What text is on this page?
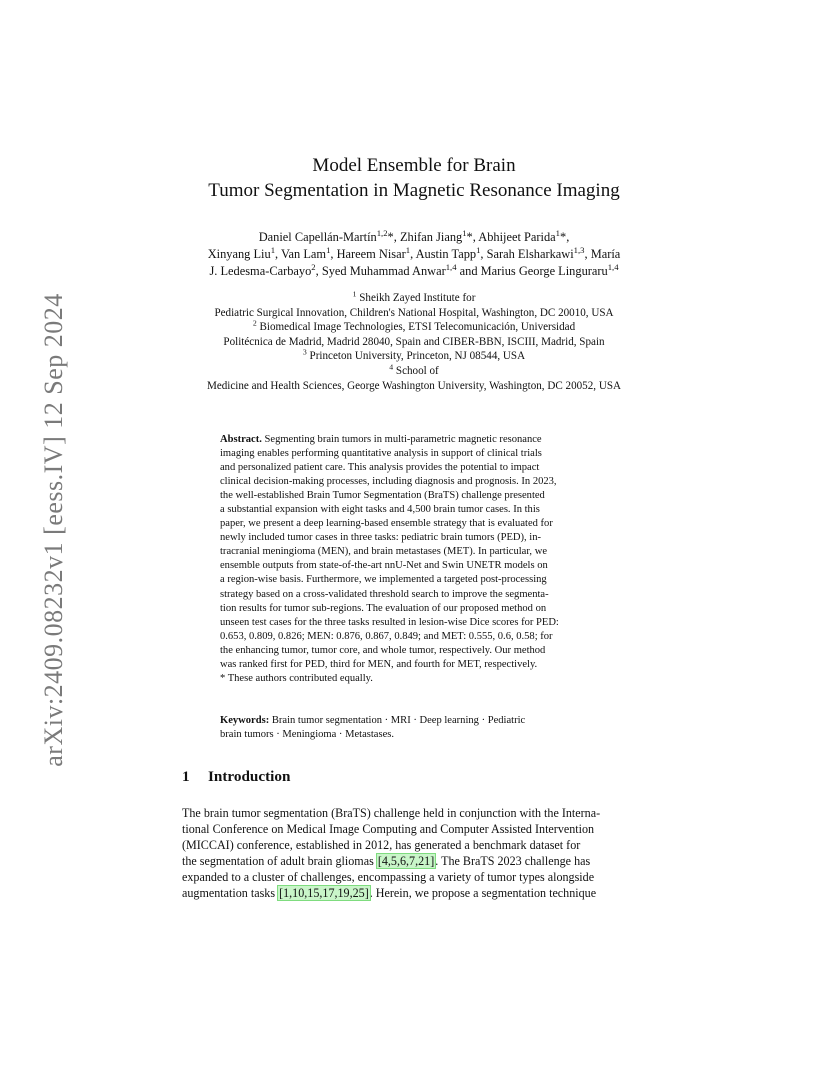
arXiv:2409.08232v1 [eess.IV] 12 Sep 2024
Model Ensemble for Brain
Tumor Segmentation in Magnetic Resonance Imaging
Daniel Capellán-Martín$^{1,2}$*, Zhifan Jiang$^1$*, Abhijeet Parida$^1$*,
Xinyang Liu$^1$, Van Lam$^1$, Hareem Nisar$^1$, Austin Tapp$^1$, Sarah Elsharkawi$^{1,3}$, María
J. Ledesma-Carbayo$^2$, Syed Muhammad Anwar$^{1,4}$ and Marius George Linguraru$^{1,4}$
$^1$ Sheikh Zayed Institute for
Pediatric Surgical Innovation, Children's National Hospital, Washington, DC 20010, USA
$^2$ Biomedical Image Technologies, ETSI Telecomunicación, Universidad
Politécnica de Madrid, Madrid 28040, Spain and CIBER-BBN, ISCIII, Madrid, Spain
$^3$ Princeton University, Princeton, NJ 08544, USA
$^4$ School of
Medicine and Health Sciences, George Washington University, Washington, DC 20052, USA
Abstract. Segmenting brain tumors in multi-parametric magnetic resonance
imaging enables performing quantitative analysis in support of clinical trials
and personalized patient care. This analysis provides the potential to impact
clinical decision-making processes, including diagnosis and prognosis. In 2023,
the well-established Brain Tumor Segmentation (BraTS) challenge presented
a substantial expansion with eight tasks and 4,500 brain tumor cases. In this
paper, we present a deep learning-based ensemble strategy that is evaluated for
newly included tumor cases in three tasks: pediatric brain tumors (PED), in-
tracranial meningioma (MEN), and brain metastases (MET). In particular, we
ensemble outputs from state-of-the-art nnU-Net and Swin UNETR models on
a region-wise basis. Furthermore, we implemented a targeted post-processing
strategy based on a cross-validated threshold search to improve the segmenta-
tion results for tumor sub-regions. The evaluation of our proposed method on
unseen test cases for the three tasks resulted in lesion-wise Dice scores for PED:
0.653, 0.809, 0.826; MEN: 0.876, 0.867, 0.849; and MET: 0.555, 0.6, 0.58; for
the enhancing tumor, tumor core, and whole tumor, respectively. Our method
was ranked first for PED, third for MEN, and fourth for MET, respectively.
* These authors contributed equally.
Keywords: Brain tumor segmentation · MRI · Deep learning · Pediatric
brain tumors · Meningioma · Metastases.
1 Introduction
The brain tumor segmentation (BraTS) challenge held in conjunction with the Interna-
tional Conference on Medical Image Computing and Computer Assisted Intervention
(MICCAI) conference, established in 2012, has generated a benchmark dataset for
the segmentation of adult brain gliomas [4,5,6,7,21]. The BraTS 2023 challenge has
expanded to a cluster of challenges, encompassing a variety of tumor types alongside
augmentation tasks [1,10,15,17,19,25]. Herein, we propose a segmentation technique
